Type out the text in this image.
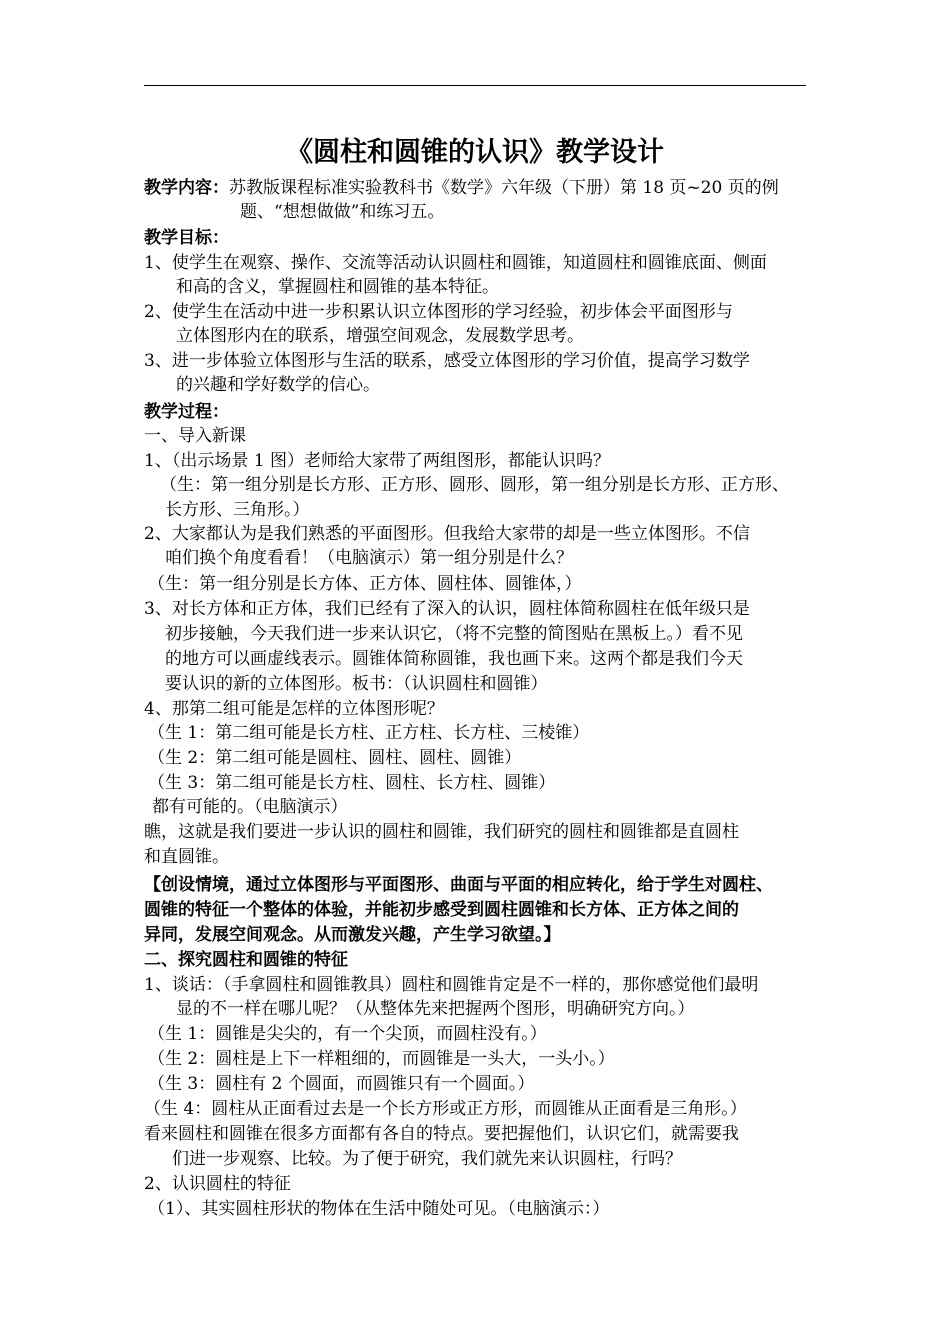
《圆柱和圆锥的认识》教学设计
教学内容：苏教版课程标准实验教科书《数学》六年级（下册）第 18 页~20 页的例
题、“想想做做”和练习五。
教学目标：
1、使学生在观察、操作、交流等活动认识圆柱和圆锥，知道圆柱和圆锥底面、侧面
和高的含义，掌握圆柱和圆锥的基本特征。
2、使学生在活动中进一步积累认识立体图形的学习经验，初步体会平面图形与
立体图形内在的联系，增强空间观念，发展数学思考。
3、进一步体验立体图形与生活的联系，感受立体图形的学习价值，提高学习数学
的兴趣和学好数学的信心。
教学过程：
一、导入新课
1、（出示场景 1 图）老师给大家带了两组图形，都能认识吗？
（生：第一组分别是长方形、正方形、圆形、圆形，第一组分别是长方形、正方形、
长方形、三角形。）
2、大家都认为是我们熟悉的平面图形。但我给大家带的却是一些立体图形。不信
咱们换个角度看看！（电脑演示）第一组分别是什么？
（生：第一组分别是长方体、正方体、圆柱体、圆锥体，）
3、对长方体和正方体，我们已经有了深入的认识，圆柱体简称圆柱在低年级只是
初步接触，今天我们进一步来认识它，（将不完整的简图贴在黑板上。）看不见
的地方可以画虚线表示。圆锥体简称圆锥，我也画下来。这两个都是我们今天
要认识的新的立体图形。板书：（认识圆柱和圆锥）
4、那第二组可能是怎样的立体图形呢？
（生 1：第二组可能是长方柱、正方柱、长方柱、三棱锥）
（生 2：第二组可能是圆柱、圆柱、圆柱、圆锥）
（生 3：第二组可能是长方柱、圆柱、长方柱、圆锥）
都有可能的。（电脑演示）
瞧，这就是我们要进一步认识的圆柱和圆锥，我们研究的圆柱和圆锥都是直圆柱
和直圆锥。
【创设情境，通过立体图形与平面图形、曲面与平面的相应转化，给于学生对圆柱、
圆锥的特征一个整体的体验，并能初步感受到圆柱圆锥和长方体、正方体之间的
异同，发展空间观念。从而激发兴趣，产生学习欲望。】
二、探究圆柱和圆锥的特征
1、谈话：（手拿圆柱和圆锥教具）圆柱和圆锥肯定是不一样的，那你感觉他们最明
显的不一样在哪儿呢？（从整体先来把握两个图形，明确研究方向。）
（生 1：圆锥是尖尖的，有一个尖顶，而圆柱没有。）
（生 2：圆柱是上下一样粗细的，而圆锥是一头大，一头小。）
（生 3：圆柱有 2 个圆面，而圆锥只有一个圆面。）
（生 4：圆柱从正面看过去是一个长方形或正方形，而圆锥从正面看是三角形。）
看来圆柱和圆锥在很多方面都有各自的特点。要把握他们，认识它们，就需要我
们进一步观察、比较。为了便于研究，我们就先来认识圆柱，行吗？
2、认识圆柱的特征
（1）、其实圆柱形状的物体在生活中随处可见。（电脑演示：）
